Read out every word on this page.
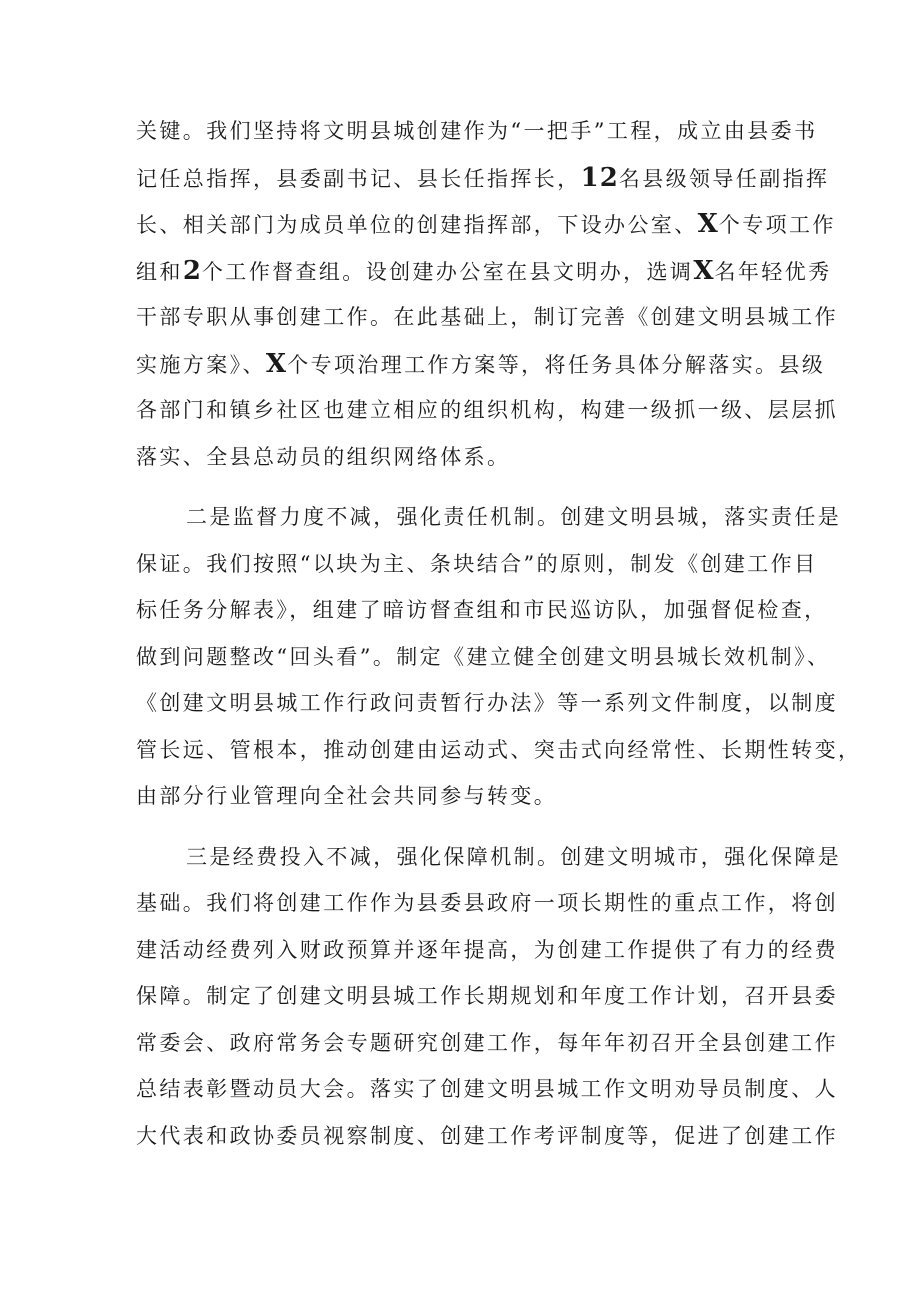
关键。我们坚持将文明县城创建作为“一把手”工程，成立由县委书
记任总指挥，县委副书记、县长任指挥长，12名县级领导任副指挥
长、相关部门为成员单位的创建指挥部，下设办公室、X个专项工作
组和2个工作督查组。设创建办公室在县文明办，选调X名年轻优秀
干部专职从事创建工作。在此基础上，制订完善《创建文明县城工作
实施方案》、X个专项治理工作方案等，将任务具体分解落实。县级
各部门和镇乡社区也建立相应的组织机构，构建一级抓一级、层层抓
落实、全县总动员的组织网络体系。
二是监督力度不减，强化责任机制。创建文明县城，落实责任是
保证。我们按照“以块为主、条块结合”的原则，制发《创建工作目
标任务分解表》，组建了暗访督查组和市民巡访队，加强督促检查，
做到问题整改“回头看”。制定《建立健全创建文明县城长效机制》、
《创建文明县城工作行政问责暂行办法》等一系列文件制度，以制度
管长远、管根本，推动创建由运动式、突击式向经常性、长期性转变，
由部分行业管理向全社会共同参与转变。
三是经费投入不减，强化保障机制。创建文明城市，强化保障是
基础。我们将创建工作作为县委县政府一项长期性的重点工作，将创
建活动经费列入财政预算并逐年提高，为创建工作提供了有力的经费
保障。制定了创建文明县城工作长期规划和年度工作计划，召开县委
常委会、政府常务会专题研究创建工作，每年年初召开全县创建工作
总结表彰暨动员大会。落实了创建文明县城工作文明劝导员制度、人
大代表和政协委员视察制度、创建工作考评制度等，促进了创建工作
